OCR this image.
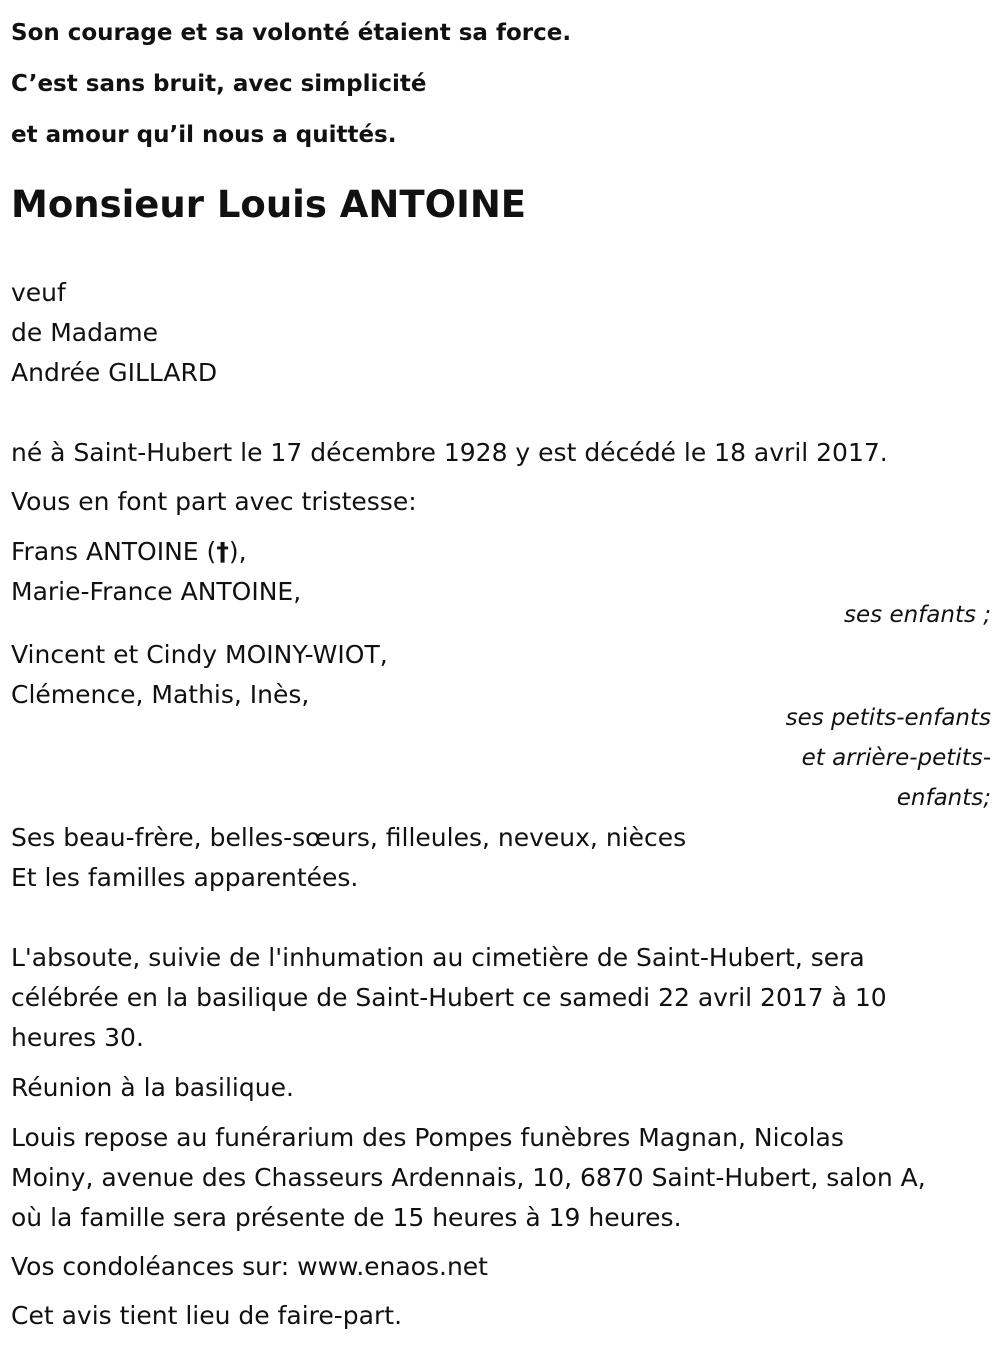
Son courage et sa volonté étaient sa force.
C’est sans bruit, avec simplicité
et amour qu’il nous a quittés.
Monsieur Louis ANTOINE
veuf
de Madame
Andrée GILLARD
né à Saint-Hubert le 17 décembre 1928 y est décédé le 18 avril 2017.
Vous en font part avec tristesse:
Frans ANTOINE (†),
Marie-France ANTOINE,
ses enfants ;
Vincent et Cindy MOINY-WIOT,
Clémence, Mathis, Inès,
ses petits-enfants
et arrière-petits-
enfants;
Ses beau-frère, belles-sœurs, filleules, neveux, nièces
Et les familles apparentées.
L'absoute, suivie de l'inhumation au cimetière de Saint-Hubert, sera
célébrée en la basilique de Saint-Hubert ce samedi 22 avril 2017 à 10
heures 30.
Réunion à la basilique.
Louis repose au funérarium des Pompes funèbres Magnan, Nicolas
Moiny, avenue des Chasseurs Ardennais, 10, 6870 Saint-Hubert, salon A,
où la famille sera présente de 15 heures à 19 heures.
Vos condoléances sur: www.enaos.net
Cet avis tient lieu de faire-part.
